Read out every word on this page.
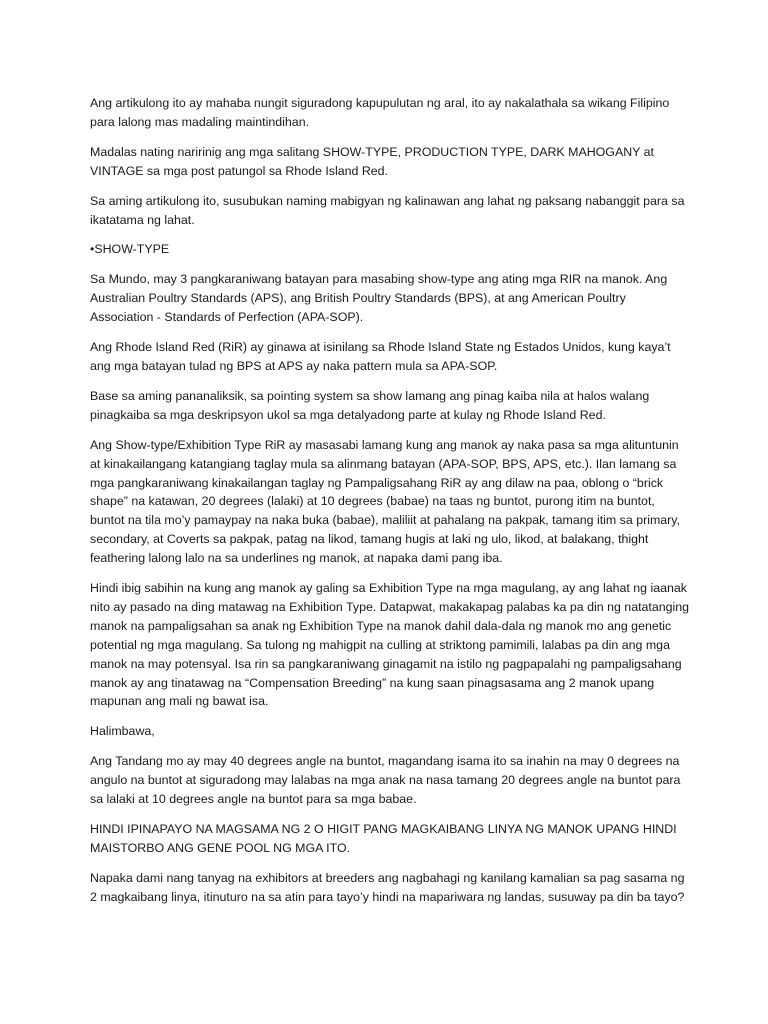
Ang artikulong ito ay mahaba nungit siguradong kapupulutan ng aral, ito ay nakalathala sa wikang Filipino para lalong mas madaling maintindihan.

Madalas nating naririnig ang mga salitang SHOW-TYPE, PRODUCTION TYPE, DARK MAHOGANY at VINTAGE sa mga post patungol sa Rhode Island Red.

Sa aming artikulong ito, susubukan naming mabigyan ng kalinawan ang lahat ng paksang nabanggit para sa ikatatama ng lahat.

•SHOW-TYPE

Sa Mundo, may 3 pangkaraniwang batayan para masabing show-type ang ating mga RIR na manok. Ang Australian Poultry Standards (APS), ang British Poultry Standards (BPS), at ang American Poultry Association - Standards of Perfection (APA-SOP).

Ang Rhode Island Red (RiR) ay ginawa at isinilang sa Rhode Island State ng Estados Unidos, kung kaya’t ang mga batayan tulad ng BPS at APS ay naka pattern mula sa APA-SOP.

Base sa aming pananaliksik, sa pointing system sa show lamang ang pinag kaiba nila at halos walang pinagkaiba sa mga deskripsyon ukol sa mga detalyadong parte at kulay ng Rhode Island Red.

Ang Show-type/Exhibition Type RiR ay masasabi lamang kung ang manok ay naka pasa sa mga alituntunin at kinakailangang katangiang taglay mula sa alinmang batayan (APA-SOP, BPS, APS, etc.). Ilan lamang sa mga pangkaraniwang kinakailangan taglay ng Pampaligsahang RiR ay ang dilaw na paa, oblong o “brick shape” na katawan, 20 degrees (lalaki) at 10 degrees (babae) na taas ng buntot, purong itim na buntot, buntot na tila mo’y pamaypay na naka buka (babae), maliliit at pahalang na pakpak, tamang itim sa primary, secondary, at Coverts sa pakpak, patag na likod, tamang hugis at laki ng ulo, likod, at balakang, thight feathering lalong lalo na sa underlines ng manok, at napaka dami pang iba.

Hindi ibig sabihin na kung ang manok ay galing sa Exhibition Type na mga magulang, ay ang lahat ng iaanak nito ay pasado na ding matawag na Exhibition Type. Datapwat, makakapag palabas ka pa din ng natatanging manok na pampaligsahan sa anak ng Exhibition Type na manok dahil dala-dala ng manok mo ang genetic potential ng mga magulang. Sa tulong ng mahigpit na culling at striktong pamimili, lalabas pa din ang mga manok na may potensyal. Isa rin sa pangkaraniwang ginagamit na istilo ng pagpapalahi ng pampaligsahang manok ay ang tinatawag na “Compensation Breeding” na kung saan pinagsasama ang 2 manok upang mapunan ang mali ng bawat isa.

Halimbawa,

Ang Tandang mo ay may 40 degrees angle na buntot, magandang isama ito sa inahin na may 0 degrees na angulo na buntot at siguradong may lalabas na mga anak na nasa tamang 20 degrees angle na buntot para sa lalaki at 10 degrees angle na buntot para sa mga babae.

HINDI IPINAPAYO NA MAGSAMA NG 2 O HIGIT PANG MAGKAIBANG LINYA NG MANOK UPANG HINDI MAISTORBO ANG GENE POOL NG MGA ITO.

Napaka dami nang tanyag na exhibitors at breeders ang nagbahagi ng kanilang kamalian sa pag sasama ng 2 magkaibang linya, itinuturo na sa atin para tayo’y hindi na mapariwara ng landas, susuway pa din ba tayo?
